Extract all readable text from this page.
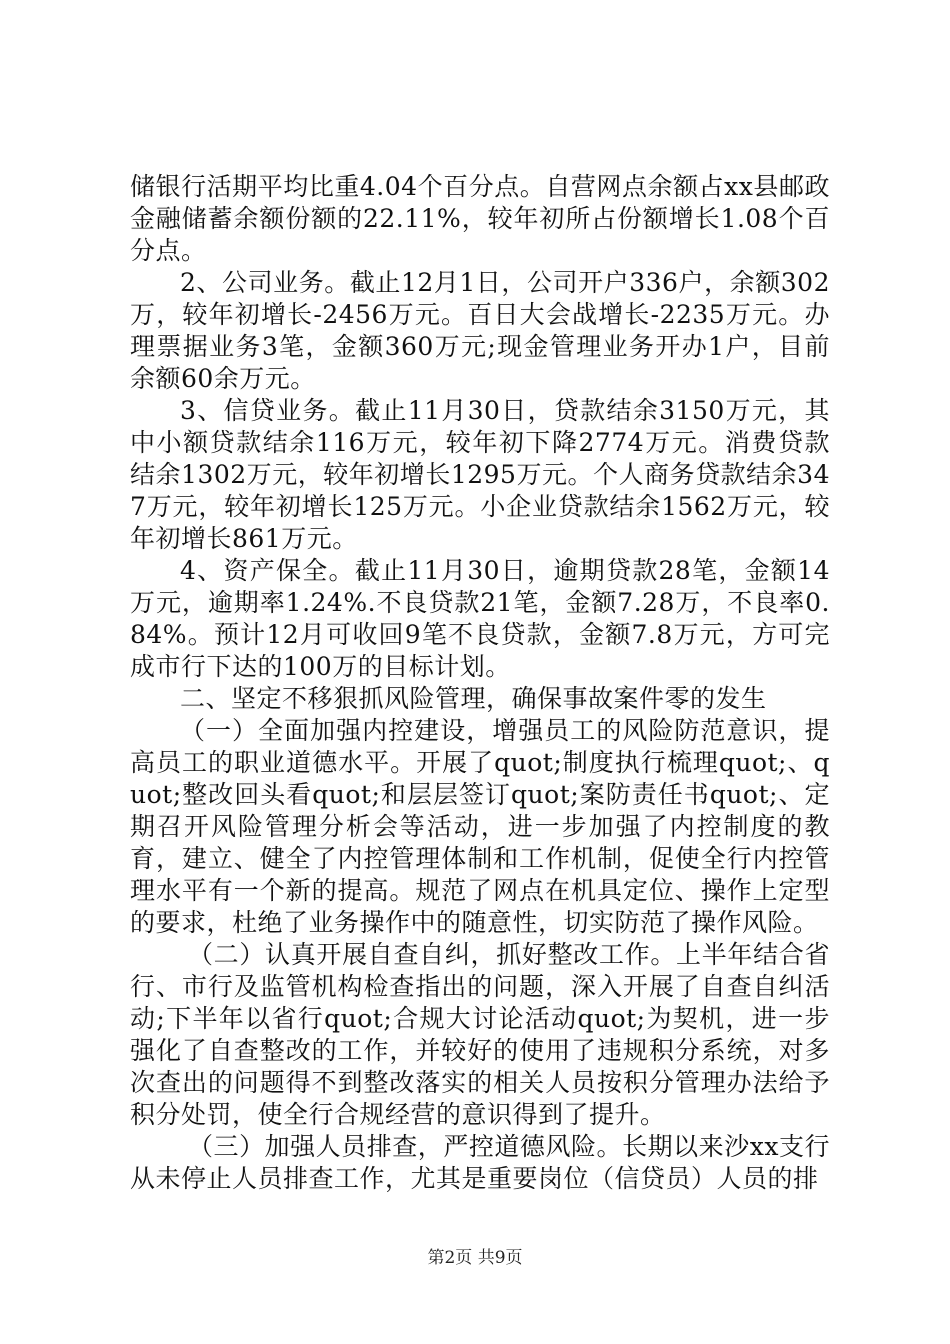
储银行活期平均比重4.04个百分点。自营网点余额占xx县邮政金融储蓄余额份额的22.11%，较年初所占份额增长1.08个百分点。

2、公司业务。截止12月1日，公司开户336户，余额302万，较年初增长-2456万元。百日大会战增长-2235万元。办理票据业务3笔，金额360万元;现金管理业务开办1户，目前余额60余万元。

3、信贷业务。截止11月30日，贷款结余3150万元，其中小额贷款结余116万元，较年初下降2774万元。消费贷款结余1302万元，较年初增长1295万元。个人商务贷款结余347万元，较年初增长125万元。小企业贷款结余1562万元，较年初增长861万元。

4、资产保全。截止11月30日，逾期贷款28笔，金额14万元，逾期率1.24%.不良贷款21笔，金额7.28万，不良率0.84%。预计12月可收回9笔不良贷款，金额7.8万元，方可完成市行下达的100万的目标计划。

二、坚定不移狠抓风险管理，确保事故案件零的发生

（一）全面加强内控建设，增强员工的风险防范意识，提高员工的职业道德水平。开展了quot;制度执行梳理quot;、quot;整改回头看quot;和层层签订quot;案防责任书quot;、定期召开风险管理分析会等活动，进一步加强了内控制度的教育，建立、健全了内控管理体制和工作机制，促使全行内控管理水平有一个新的提高。规范了网点在机具定位、操作上定型的要求，杜绝了业务操作中的随意性，切实防范了操作风险。

（二）认真开展自查自纠，抓好整改工作。上半年结合省行、市行及监管机构检查指出的问题，深入开展了自查自纠活动;下半年以省行quot;合规大讨论活动quot;为契机，进一步强化了自查整改的工作，并较好的使用了违规积分系统，对多次查出的问题得不到整改落实的相关人员按积分管理办法给予积分处罚，使全行合规经营的意识得到了提升。

（三）加强人员排查，严控道德风险。长期以来沙xx支行从未停止人员排查工作，尤其是重要岗位（信贷员）人员的排

第2页 共9页
